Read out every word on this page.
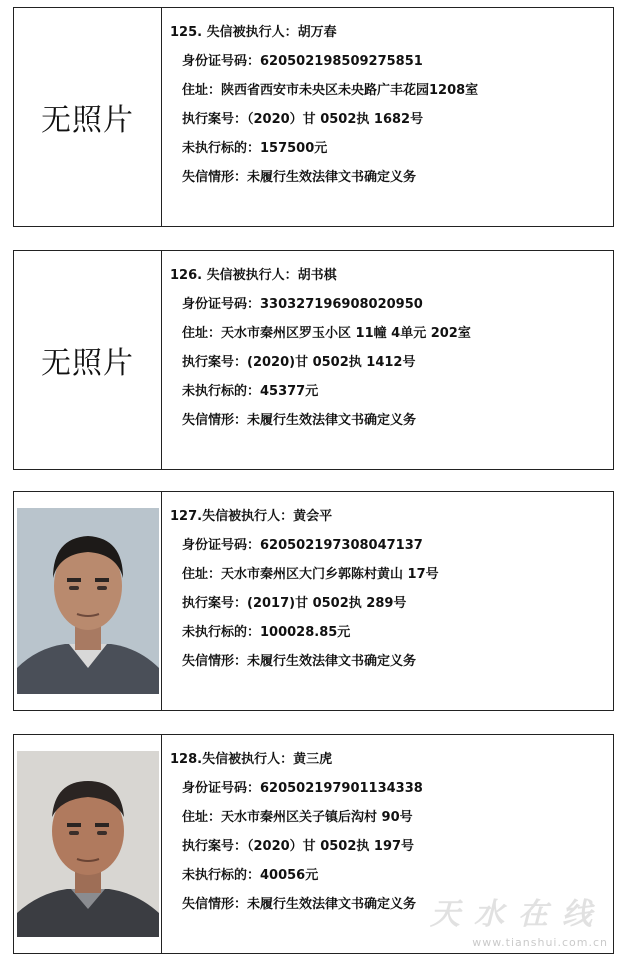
无照片
125. 失信被执行人：胡万春
身份证号码：620502198509275851
住址：陕西省西安市未央区未央路广丰花园1208室
执行案号：（2020）甘 0502执 1682号
未执行标的：157500元
失信情形：未履行生效法律文书确定义务
无照片
126. 失信被执行人：胡书棋
身份证号码：330327196908020950
住址：天水市秦州区罗玉小区 11幢 4单元 202室
执行案号：(2020)甘 0502执 1412号
未执行标的：45377元
失信情形：未履行生效法律文书确定义务
127.失信被执行人：黄会平
身份证号码：620502197308047137
住址：天水市秦州区大门乡郭陈村黄山 17号
执行案号：(2017)甘 0502执 289号
未执行标的：100028.85元
失信情形：未履行生效法律文书确定义务
128.失信被执行人：黄三虎
身份证号码：620502197901134338
住址：天水市秦州区关子镇后沟村 90号
执行案号：（2020）甘 0502执 197号
未执行标的：40056元
失信情形：未履行生效法律文书确定义务 天水在线
www.tianshui.com.cn
